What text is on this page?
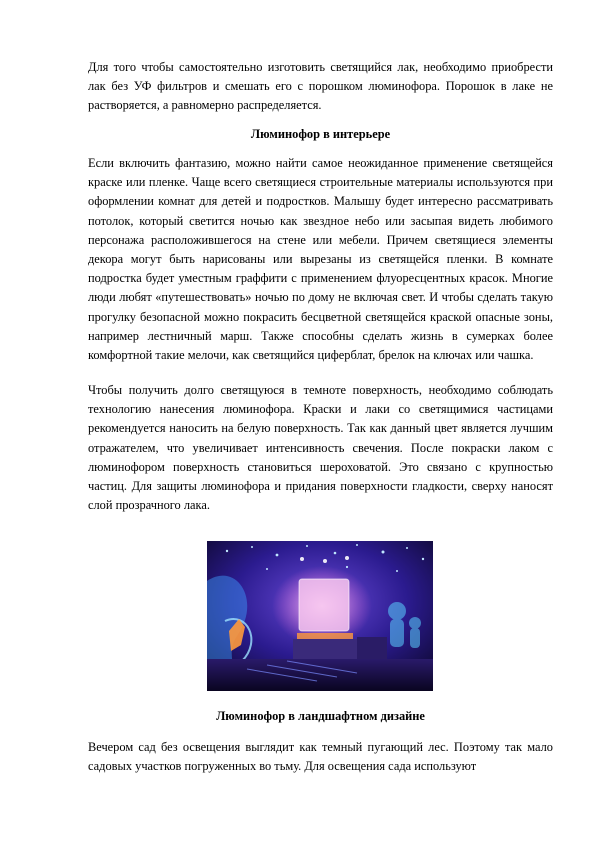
Для того чтобы самостоятельно изготовить светящийся лак, необходимо приобрести лак без УФ фильтров и смешать его с порошком люминофора. Порошок в лаке не растворяется, а равномерно распределяется.

Люминофор в интерьере

Если включить фантазию, можно найти самое неожиданное применение светящейся краске или пленке. Чаще всего светящиеся строительные материалы используются при оформлении комнат для детей и подростков. Малышу будет интересно рассматривать потолок, который светится ночью как звездное небо или засыпая видеть любимого персонажа расположившегося на стене или мебели. Причем светящиеся элементы декора могут быть нарисованы или вырезаны из светящейся пленки. В комнате подростка будет уместным граффити с применением флуоресцентных красок. Многие люди любят «путешествовать» ночью по дому не включая свет. И чтобы сделать такую прогулку безопасной можно покрасить бесцветной светящейся краской опасные зоны, например лестничный марш. Также способны сделать жизнь в сумерках более комфортной такие мелочи, как светящийся циферблат, брелок на ключах или чашка.

Чтобы получить долго светящуюся в темноте поверхность, необходимо соблюдать технологию нанесения люминофора. Краски и лаки со светящимися частицами рекомендуется наносить на белую поверхность. Так как данный цвет является лучшим отражателем, что увеличивает интенсивность свечения. После покраски лаком с люминофором поверхность становиться шероховатой. Это связано с крупностью частиц. Для защиты люминофора и придания поверхности гладкости, сверху наносят слой прозрачного лака.

Люминофор в ландшафтном дизайне

Вечером сад без освещения выглядит как темный пугающий лес. Поэтому так мало садовых участков погруженных во тьму. Для освещения сада используют
